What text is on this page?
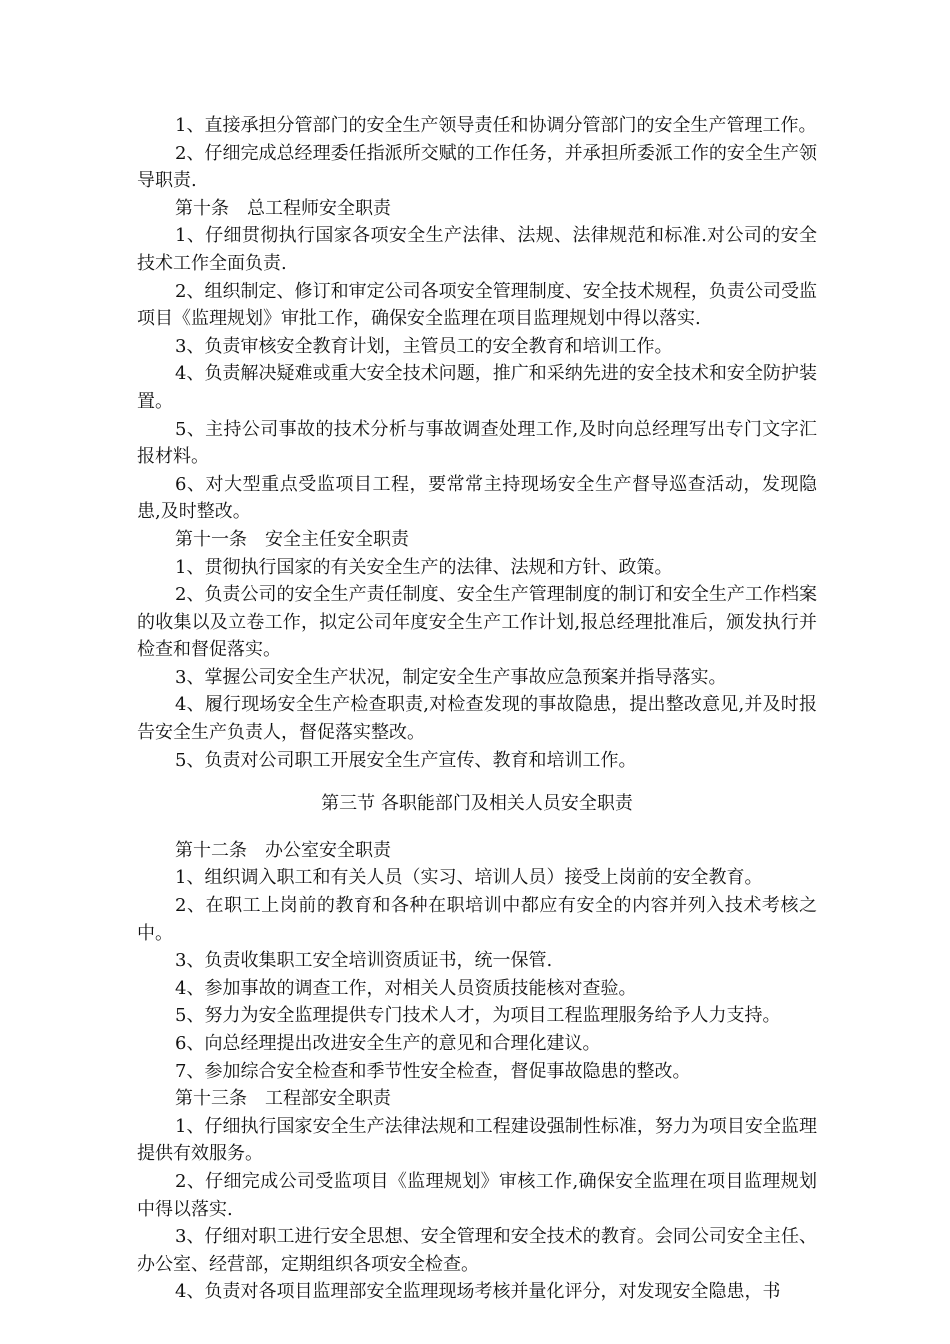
1、直接承担分管部门的安全生产领导责任和协调分管部门的安全生产管理工作。

2、仔细完成总经理委任指派所交赋的工作任务，并承担所委派工作的安全生产领导职责.

第十条　总工程师安全职责

1、仔细贯彻执行国家各项安全生产法律、法规、法律规范和标准.对公司的安全技术工作全面负责.

2、组织制定、修订和审定公司各项安全管理制度、安全技术规程，负责公司受监项目《监理规划》审批工作，确保安全监理在项目监理规划中得以落实.

3、负责审核安全教育计划，主管员工的安全教育和培训工作。

4、负责解决疑难或重大安全技术问题，推广和采纳先进的安全技术和安全防护装置。

5、主持公司事故的技术分析与事故调查处理工作,及时向总经理写出专门文字汇报材料。

6、对大型重点受监项目工程，要常常主持现场安全生产督导巡查活动，发现隐患,及时整改。

第十一条　安全主任安全职责

1、贯彻执行国家的有关安全生产的法律、法规和方针、政策。

2、负责公司的安全生产责任制度、安全生产管理制度的制订和安全生产工作档案的收集以及立卷工作，拟定公司年度安全生产工作计划,报总经理批准后，颁发执行并检查和督促落实。

3、掌握公司安全生产状况，制定安全生产事故应急预案并指导落实。

4、履行现场安全生产检查职责,对检查发现的事故隐患，提出整改意见,并及时报告安全生产负责人，督促落实整改。

5、负责对公司职工开展安全生产宣传、教育和培训工作。

第三节 各职能部门及相关人员安全职责

第十二条　办公室安全职责

1、组织调入职工和有关人员（实习、培训人员）接受上岗前的安全教育。

2、在职工上岗前的教育和各种在职培训中都应有安全的内容并列入技术考核之中。

3、负责收集职工安全培训资质证书，统一保管.

4、参加事故的调查工作，对相关人员资质技能核对查验。

5、努力为安全监理提供专门技术人才，为项目工程监理服务给予人力支持。

6、向总经理提出改进安全生产的意见和合理化建议。

7、参加综合安全检查和季节性安全检查，督促事故隐患的整改。

第十三条　工程部安全职责

1、仔细执行国家安全生产法律法规和工程建设强制性标准，努力为项目安全监理提供有效服务。

2、仔细完成公司受监项目《监理规划》审核工作,确保安全监理在项目监理规划中得以落实.

3、仔细对职工进行安全思想、安全管理和安全技术的教育。会同公司安全主任、办公室、经营部，定期组织各项安全检查。

4、负责对各项目监理部安全监理现场考核并量化评分，对发现安全隐患，书
